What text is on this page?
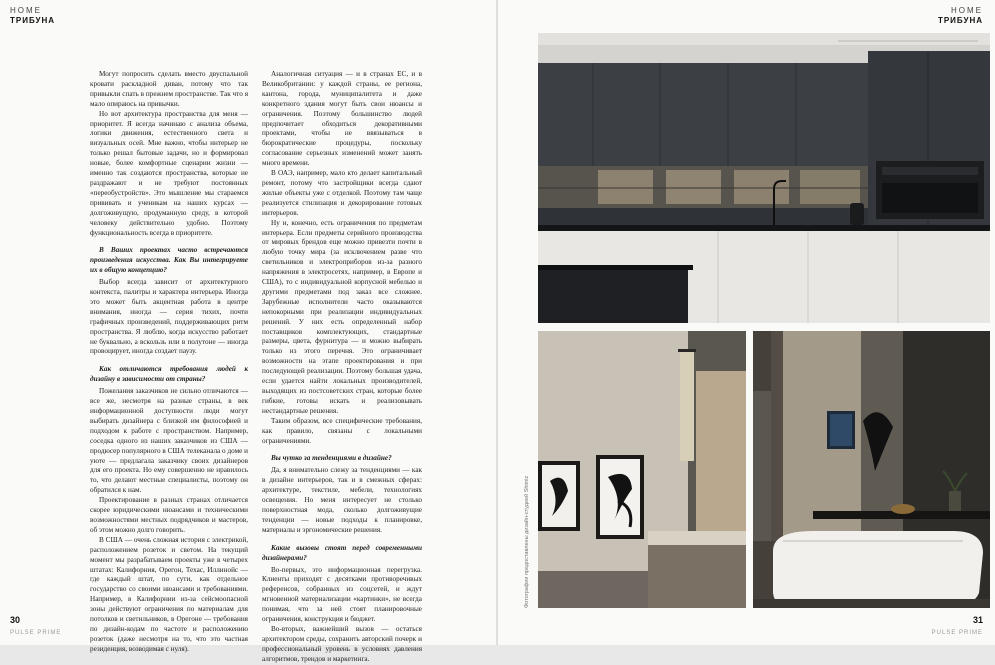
HOME
ТРИБУНА

Могут попросить сделать вместо двуспальной кровати раскладной диван, потому что так привыкли спать в прежнем пространстве. Так что я мало опираюсь на привычки.

Но вот архитектура пространства для меня — приоритет. Я всегда начинаю с анализа объема, логики движения, естественного света и визуальных осей. Мне важно, чтобы интерьер не только решал бытовые задачи, но и формировал новые, более комфортные сценарии жизни — именно так создаются пространства, которые не раздражают и не требуют постоянных «переобустройств». Это мышление мы стараемся прививать и ученикам на наших курсах — долгоживущую, продуманную среду, в которой человеку действительно удобно. Поэтому функциональность всегда в приоритете.

В Ваших проектах часто встречаются произведения искусства. Как Вы интегрируете их в общую концепцию?

Выбор всегда зависит от архитектурного контекста, палитры и характера интерьера. Иногда это может быть акцентная работа в центре внимания, иногда — серия тихих, почти графичных произведений, поддерживающих ритм пространства. Я люблю, когда искусство работает не буквально, а вскользь или в полутоне — иногда провоцирует, иногда создает паузу.

Как отличаются требования людей к дизайну в зависимости от страны?

Пожелания заказчиков не сильно отличаются — все же, несмотря на разные страны, в век информационной доступности люди могут выбирать дизайнера с близкой им философией и подходом к работе с пространством. Например, соседка одного из наших заказчиков из США — продюсер популярного в США телеканала о доме и уюте — предлагала заказчику своих дизайнеров для его проекта. Но ему совершенно не нравилось то, что делают местные специалисты, поэтому он обратился к нам.

Проектирование в разных странах отличается скорее юридическими нюансами и техническими возможностями местных подрядчиков и мастеров, об этом можно долго говорить.

В США — очень сложная история с электрикой, расположением розеток и светом. На текущий момент мы разрабатываем проекты уже в четырех штатах: Калифорния, Орегон, Техас, Иллинойс — где каждый штат, по сути, как отдельное государство со своими нюансами и требованиями. Например, в Калифорнии из-за сейсмоопасной зоны действуют ограничения по материалам для потолков и светильников, в Орегоне — требования по дизайн-кодам по частоте и расположению розеток (даже несмотря на то, что это частная резиденция, возводимая с нуля).

Аналогичная ситуация — и в странах ЕС, и в Великобритании: у каждой страны, ее региона, кантона, города, муниципалитета и даже конкретного здания могут быть свои нюансы и ограничения. Поэтому большинство людей предпочитает обходиться декоративными проектами, чтобы не ввязываться в бюрократические процедуры, поскольку согласование серьезных изменений может занять много времени.

В ОАЭ, например, мало кто делает капитальный ремонт, потому что застройщики всегда сдают жилые объекты уже с отделкой. Поэтому там чаще реализуется стилизация и декорирование готовых интерьеров.

Ну и, конечно, есть ограничения по предметам интерьера. Если предметы серийного производства от мировых брендов еще можно привезти почти в любую точку мира (за исключением разве что светильников и электроприборов из-за разного напряжения в электросетях, например, в Европе и США), то с индивидуальной корпусной мебелью и другими предметами под заказ все сложнее. Зарубежные исполнители часто оказываются непокорными при реализации индивидуальных решений. У них есть определенный набор поставщиков комплектующих, стандартные размеры, цвета, фурнитура — и можно выбирать только из этого перечня. Это ограничивает возможности на этапе проектирования и при последующей реализации. Поэтому большая удача, если удается найти локальных производителей, выходящих из постсоветских стран, которые более гибкие, готовы искать и реализовывать нестандартные решения.

Таким образом, все специфические требования, как правило, связаны с локальными ограничениями.

Вы чутко за тенденциями в дизайне?

Да, я внимательно слежу за тенденциями — как в дизайне интерьеров, так и в смежных сферах: архитектуре, текстиле, мебели, технологиях освещения. Но меня интересует не столько поверхностная мода, сколько долгоживущие тенденции — новые подходы к планировке, материалы и эргономические решения.

Какие вызовы стоят перед современными дизайнерами?

Во-первых, это информационная перегрузка. Клиенты приходят с десятками противоречивых референсов, собранных из соцсетей, и ждут мгновенной материализации «картинки», не всегда понимая, что за ней стоят планировочные ограничения, конструкция и бюджет.

Во-вторых, важнейший вызов — остаться архитектором среды, сохранить авторский почерк и профессиональный уровень в условиях давления алгоритмов, трендов и маркетинга.

30
PULSE PRIME
HOME
ТРИБУНА
31
PULSE PRIME
Фотографии предоставлены дизайн-студией Shimiz
